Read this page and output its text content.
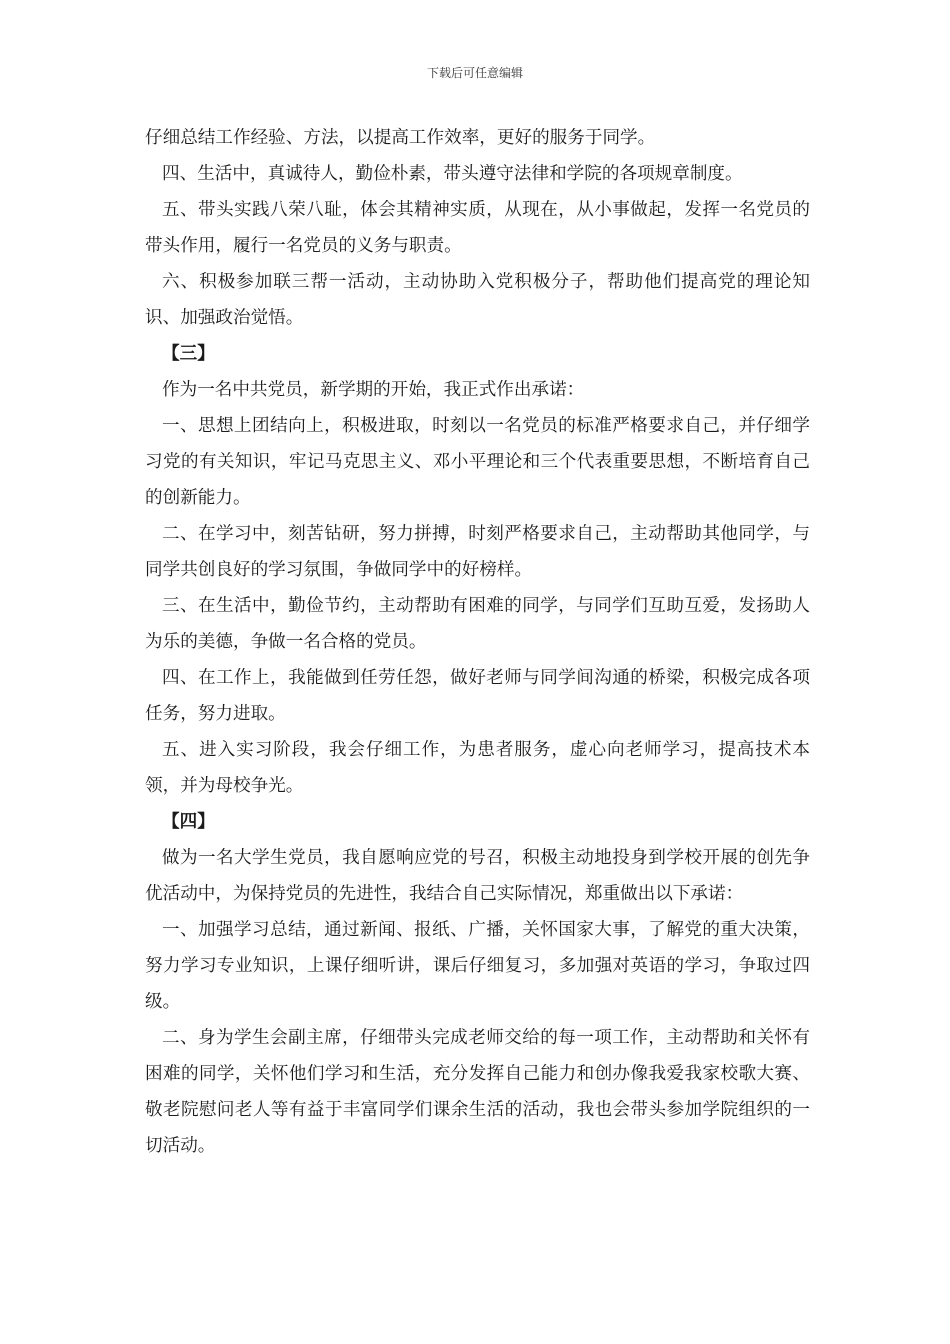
下载后可任意编辑

仔细总结工作经验、方法，以提高工作效率，更好的服务于同学。

四、生活中，真诚待人，勤俭朴素，带头遵守法律和学院的各项规章制度。

五、带头实践八荣八耻，体会其精神实质，从现在，从小事做起，发挥一名党员的带头作用，履行一名党员的义务与职责。

六、积极参加联三帮一活动，主动协助入党积极分子，帮助他们提高党的理论知识、加强政治觉悟。

【三】

作为一名中共党员，新学期的开始，我正式作出承诺：

一、思想上团结向上，积极进取，时刻以一名党员的标准严格要求自己，并仔细学习党的有关知识，牢记马克思主义、邓小平理论和三个代表重要思想，不断培育自己的创新能力。

二、在学习中，刻苦钻研，努力拼搏，时刻严格要求自己，主动帮助其他同学，与同学共创良好的学习氛围，争做同学中的好榜样。

三、在生活中，勤俭节约，主动帮助有困难的同学，与同学们互助互爱，发扬助人为乐的美德，争做一名合格的党员。

四、在工作上，我能做到任劳任怨，做好老师与同学间沟通的桥梁，积极完成各项任务，努力进取。

五、进入实习阶段，我会仔细工作，为患者服务，虚心向老师学习，提高技术本领，并为母校争光。

【四】

做为一名大学生党员，我自愿响应党的号召，积极主动地投身到学校开展的创先争优活动中，为保持党员的先进性，我结合自己实际情况，郑重做出以下承诺：

一、加强学习总结，通过新闻、报纸、广播，关怀国家大事，了解党的重大决策，努力学习专业知识，上课仔细听讲，课后仔细复习，多加强对英语的学习，争取过四级。

二、身为学生会副主席，仔细带头完成老师交给的每一项工作，主动帮助和关怀有困难的同学，关怀他们学习和生活，充分发挥自己能力和创办像我爱我家校歌大赛、敬老院慰问老人等有益于丰富同学们课余生活的活动，我也会带头参加学院组织的一切活动。
